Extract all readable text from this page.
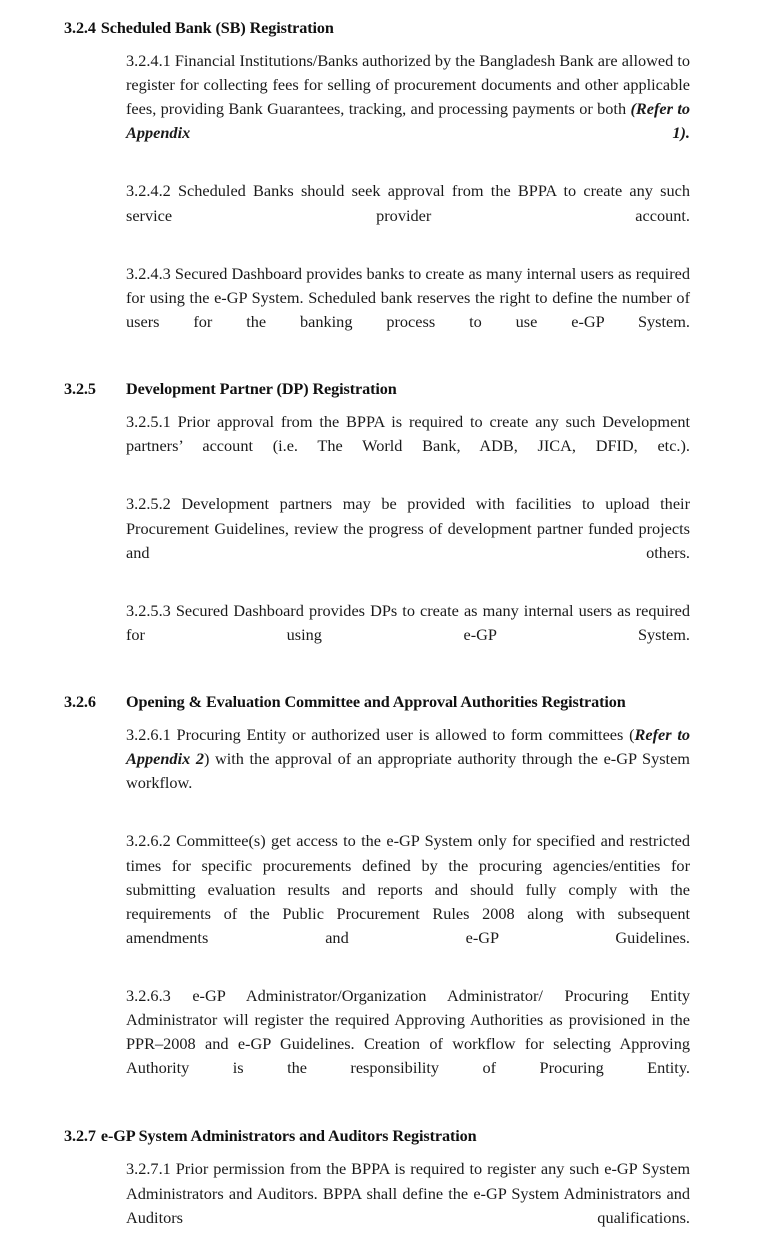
3.2.4 Scheduled Bank (SB) Registration

3.2.4.1 Financial Institutions/Banks authorized by the Bangladesh Bank are allowed to register for collecting fees for selling of procurement documents and other applicable fees, providing Bank Guarantees, tracking, and processing payments or both (Refer to Appendix 1).

3.2.4.2 Scheduled Banks should seek approval from the BPPA to create any such service provider account.

3.2.4.3 Secured Dashboard provides banks to create as many internal users as required for using the e-GP System. Scheduled bank reserves the right to define the number of users for the banking process to use e-GP System.

3.2.5 Development Partner (DP) Registration

3.2.5.1 Prior approval from the BPPA is required to create any such Development partners’ account (i.e. The World Bank, ADB, JICA, DFID, etc.).

3.2.5.2 Development partners may be provided with facilities to upload their Procurement Guidelines, review the progress of development partner funded projects and others.

3.2.5.3 Secured Dashboard provides DPs to create as many internal users as required for using e-GP System.

3.2.6 Opening & Evaluation Committee and Approval Authorities Registration

3.2.6.1 Procuring Entity or authorized user is allowed to form committees (Refer to Appendix 2) with the approval of an appropriate authority through the e-GP System workflow.

3.2.6.2 Committee(s) get access to the e-GP System only for specified and restricted times for specific procurements defined by the procuring agencies/entities for submitting evaluation results and reports and should fully comply with the requirements of the Public Procurement Rules 2008 along with subsequent amendments and e-GP Guidelines.

3.2.6.3 e-GP Administrator/Organization Administrator/ Procuring Entity Administrator will register the required Approving Authorities as provisioned in the PPR–2008 and e-GP Guidelines. Creation of workflow for selecting Approving Authority is the responsibility of Procuring Entity.

3.2.7 e-GP System Administrators and Auditors Registration

3.2.7.1 Prior permission from the BPPA is required to register any such e-GP System Administrators and Auditors. BPPA shall define the e-GP System Administrators and Auditors qualifications.
